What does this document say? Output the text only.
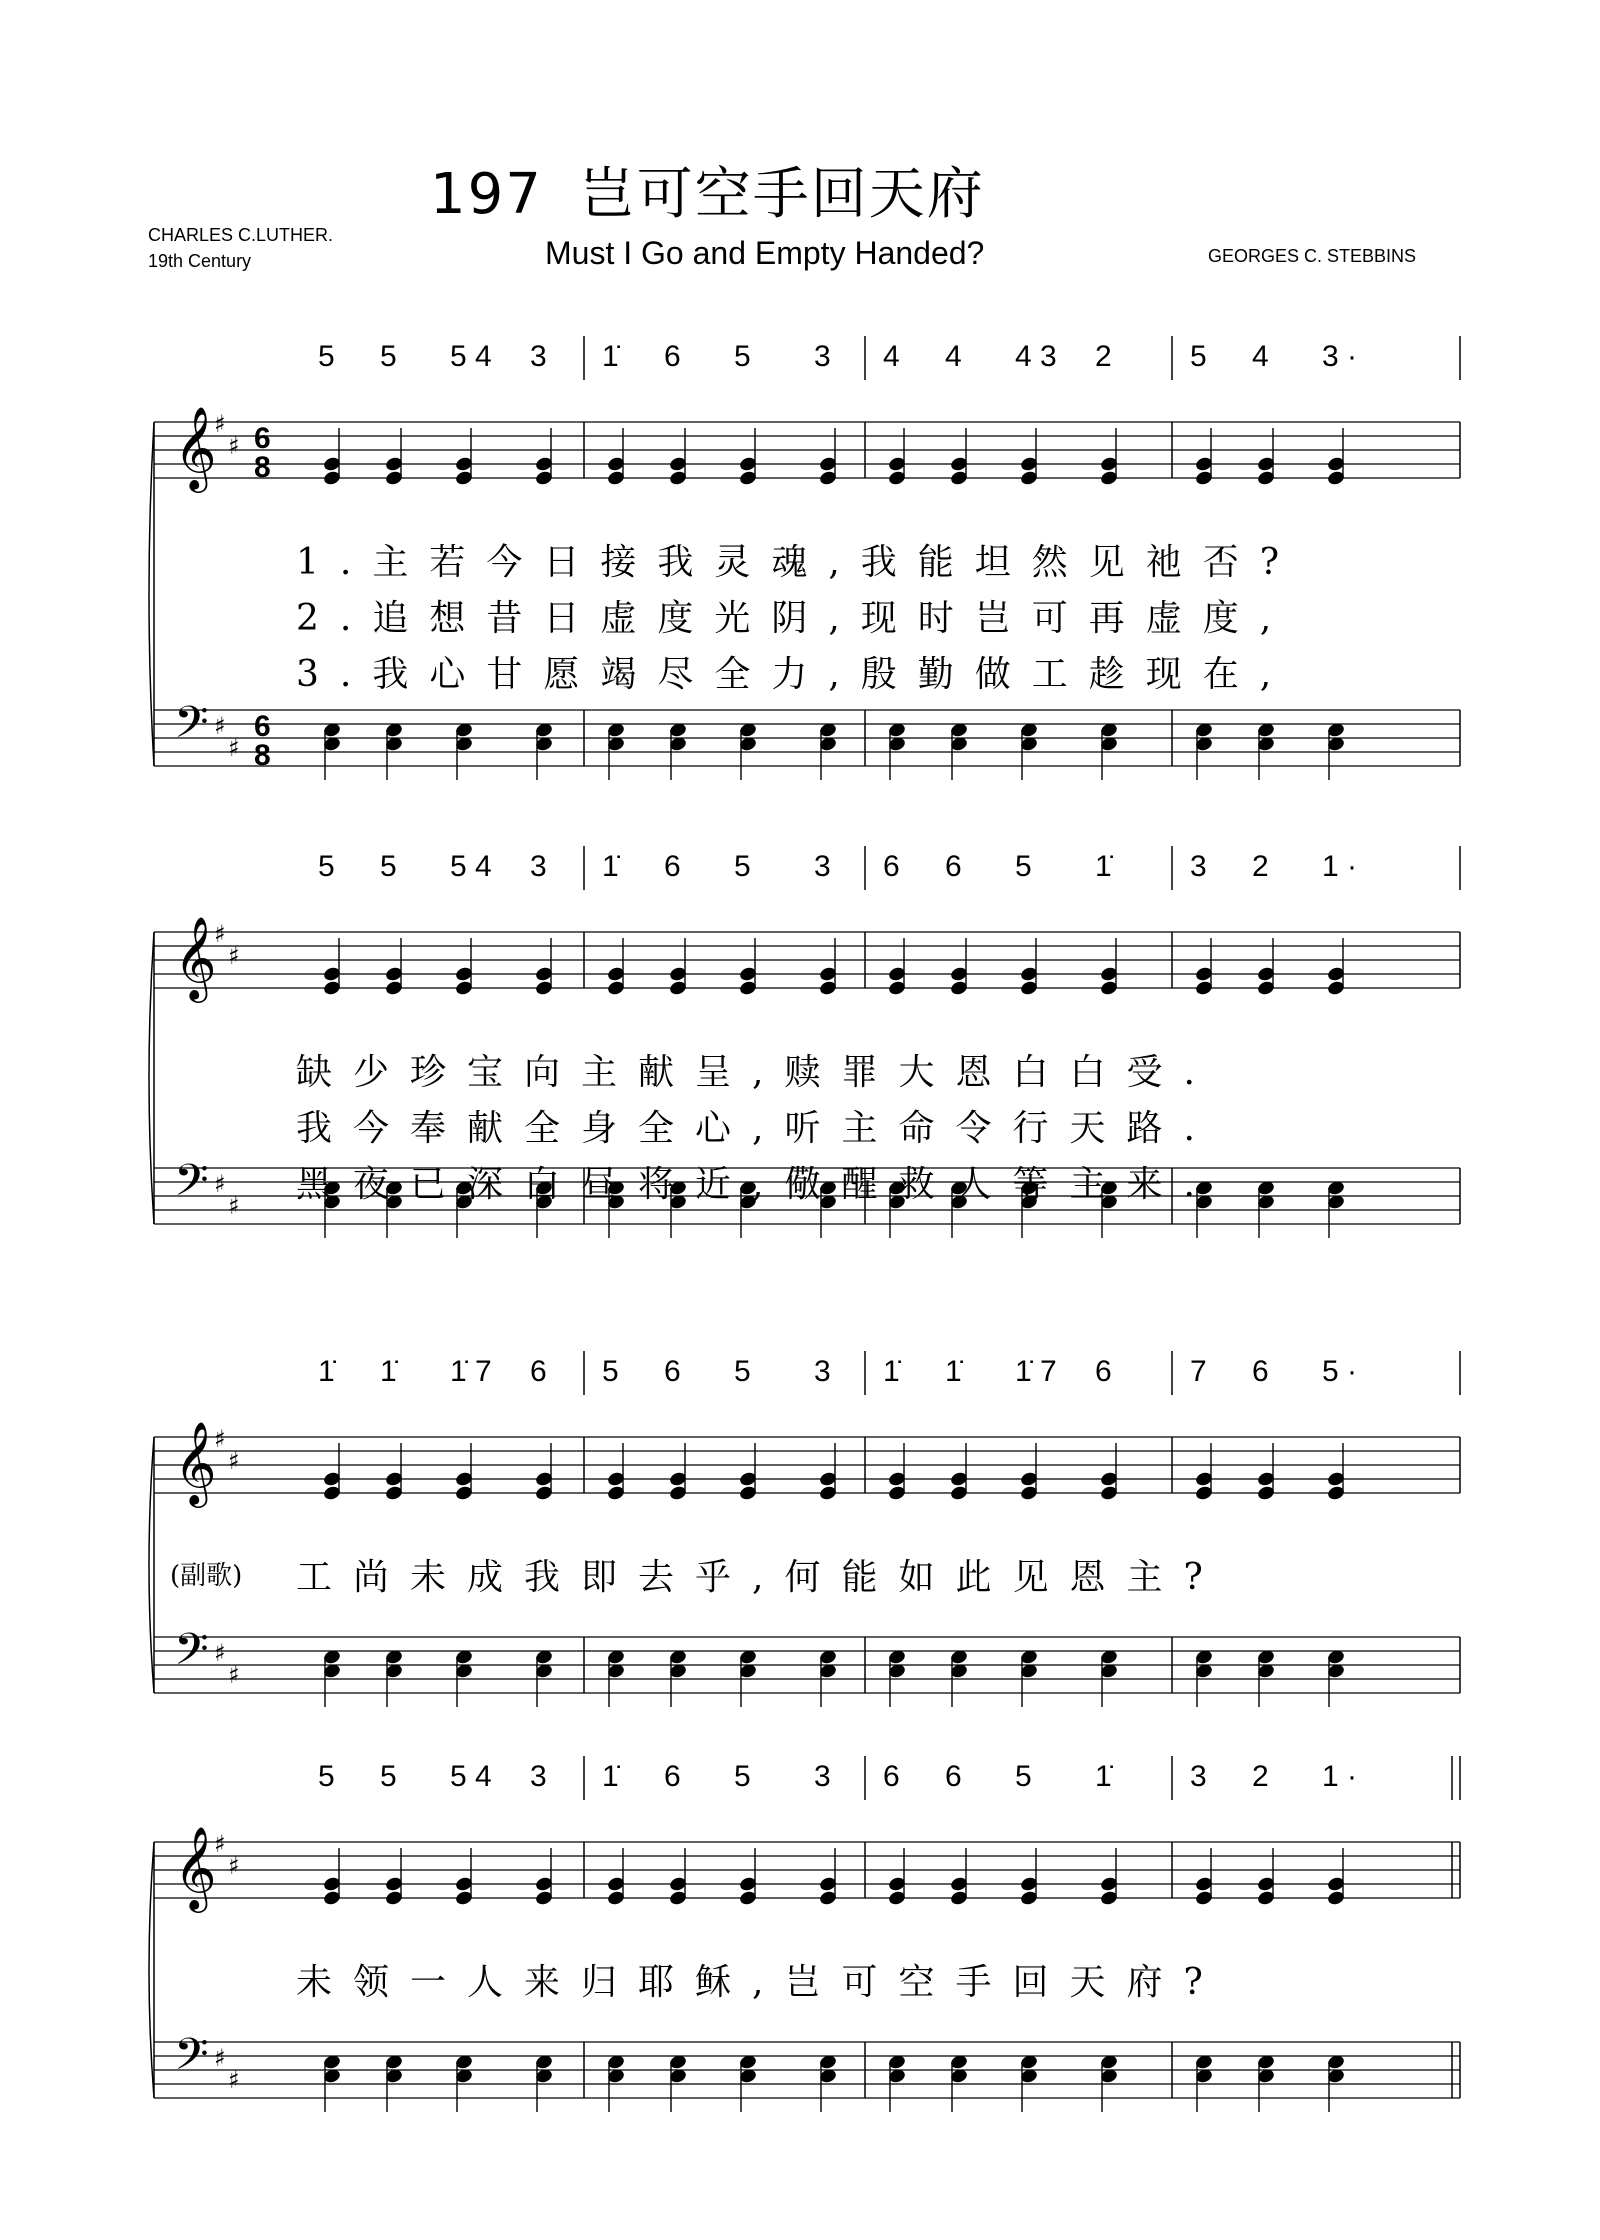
197 岂可空手回天府
Must I Go and Empty Handed?
CHARLES C.LUTHER.
19th Century	GEORGES C. STEBBINS
5 5 5 4 3 1̇ 6 5 3 4 4 4 3 2	5 4 3 ·
𝄞
♯
♯ 6
8
𝄢 ♯
♯
6
8
1.主若今日接我灵魂,我能坦然见祂否?
2.追想昔日虚度光阴,现时岂可再虚度,
3.我心甘愿竭尽全力,殷勤做工趁现在,
5 5 5 4 3 1̇ 6 5 3 6 6 5 1̇	3 2 1 ·
𝄞
♯
♯
𝄢 ♯
♯
缺少珍宝向主献呈,赎罪大恩白白受.
我今奉献全身全心,听主命令行天路.
黑夜已深白昼将近,儆醒救人等主来.
1̇ 1̇ 1̇ 7 6 5 6 5 3 1̇ 1̇ 1̇ 7 6	7 6 5 ·
𝄞
♯
♯
𝄢 ♯
♯
工尚未成我即去乎,何能如此见恩主?
(副歌)
5 5 5 4 3 1̇ 6 5 3 6 6 5 1̇	3 2 1 ·
𝄞
♯
♯
𝄢 ♯
♯
未领一人来归耶稣,岂可空手回天府?
